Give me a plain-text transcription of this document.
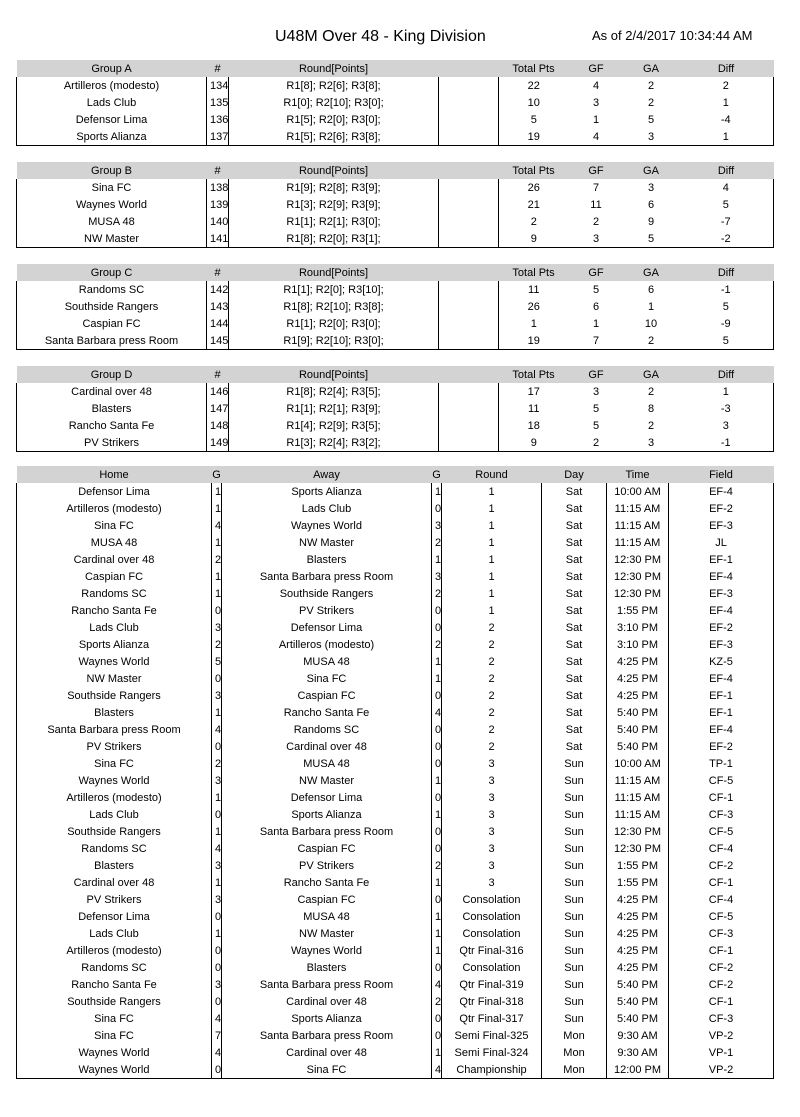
U48M Over 48 - King Division	As of 2/4/2017 10:34:44 AM
Group A	#	Round[Points]		Total Pts	GF	GA	Diff
Artilleros (modesto)	134	R1[8]; R2[6]; R3[8];		22	4	2	2
Lads Club	135	R1[0]; R2[10]; R3[0];		10	3	2	1
Defensor Lima	136	R1[5]; R2[0]; R3[0];		5	1	5	-4
Sports Alianza	137	R1[5]; R2[6]; R3[8];		19	4	3	1
Group B	#	Round[Points]		Total Pts	GF	GA	Diff
Sina FC	138	R1[9]; R2[8]; R3[9];		26	7	3	4
Waynes World	139	R1[3]; R2[9]; R3[9];		21	11	6	5
MUSA 48	140	R1[1]; R2[1]; R3[0];		2	2	9	-7
NW Master	141	R1[8]; R2[0]; R3[1];		9	3	5	-2
Group C	#	Round[Points]		Total Pts	GF	GA	Diff
Randoms SC	142	R1[1]; R2[0]; R3[10];		11	5	6	-1
Southside Rangers	143	R1[8]; R2[10]; R3[8];		26	6	1	5
Caspian FC	144	R1[1]; R2[0]; R3[0];		1	1	10	-9
Santa Barbara press Room	145	R1[9]; R2[10]; R3[0];		19	7	2	5
Group D	#	Round[Points]		Total Pts	GF	GA	Diff
Cardinal over 48	146	R1[8]; R2[4]; R3[5];		17	3	2	1
Blasters	147	R1[1]; R2[1]; R3[9];		11	5	8	-3
Rancho Santa Fe	148	R1[4]; R2[9]; R3[5];		18	5	2	3
PV Strikers	149	R1[3]; R2[4]; R3[2];		9	2	3	-1
Home	G	Away	G	Round	Day	Time	Field
Defensor Lima	1	Sports Alianza	1	1	Sat	10:00 AM	EF-4
Artilleros (modesto)	1	Lads Club	0	1	Sat	11:15 AM	EF-2
Sina FC	4	Waynes World	3	1	Sat	11:15 AM	EF-3
MUSA 48	1	NW Master	2	1	Sat	11:15 AM	JL
Cardinal over 48	2	Blasters	1	1	Sat	12:30 PM	EF-1
Caspian FC	1	Santa Barbara press Room	3	1	Sat	12:30 PM	EF-4
Randoms SC	1	Southside Rangers	2	1	Sat	12:30 PM	EF-3
Rancho Santa Fe	0	PV Strikers	0	1	Sat	1:55 PM	EF-4
Lads Club	3	Defensor Lima	0	2	Sat	3:10 PM	EF-2
Sports Alianza	2	Artilleros (modesto)	2	2	Sat	3:10 PM	EF-3
Waynes World	5	MUSA 48	1	2	Sat	4:25 PM	KZ-5
NW Master	0	Sina FC	1	2	Sat	4:25 PM	EF-4
Southside Rangers	3	Caspian FC	0	2	Sat	4:25 PM	EF-1
Blasters	1	Rancho Santa Fe	4	2	Sat	5:40 PM	EF-1
Santa Barbara press Room	4	Randoms SC	0	2	Sat	5:40 PM	EF-4
PV Strikers	0	Cardinal over 48	0	2	Sat	5:40 PM	EF-2
Sina FC	2	MUSA 48	0	3	Sun	10:00 AM	TP-1
Waynes World	3	NW Master	1	3	Sun	11:15 AM	CF-5
Artilleros (modesto)	1	Defensor Lima	0	3	Sun	11:15 AM	CF-1
Lads Club	0	Sports Alianza	1	3	Sun	11:15 AM	CF-3
Southside Rangers	1	Santa Barbara press Room	0	3	Sun	12:30 PM	CF-5
Randoms SC	4	Caspian FC	0	3	Sun	12:30 PM	CF-4
Blasters	3	PV Strikers	2	3	Sun	1:55 PM	CF-2
Cardinal over 48	1	Rancho Santa Fe	1	3	Sun	1:55 PM	CF-1
PV Strikers	3	Caspian FC	0	Consolation	Sun	4:25 PM	CF-4
Defensor Lima	0	MUSA 48	1	Consolation	Sun	4:25 PM	CF-5
Lads Club	1	NW Master	1	Consolation	Sun	4:25 PM	CF-3
Artilleros (modesto)	0	Waynes World	1	Qtr Final-316	Sun	4:25 PM	CF-1
Randoms SC	0	Blasters	0	Consolation	Sun	4:25 PM	CF-2
Rancho Santa Fe	3	Santa Barbara press Room	4	Qtr Final-319	Sun	5:40 PM	CF-2
Southside Rangers	0	Cardinal over 48	2	Qtr Final-318	Sun	5:40 PM	CF-1
Sina FC	4	Sports Alianza	0	Qtr Final-317	Sun	5:40 PM	CF-3
Sina FC	7	Santa Barbara press Room	0	Semi Final-325	Mon	9:30 AM	VP-2
Waynes World	4	Cardinal over 48	1	Semi Final-324	Mon	9:30 AM	VP-1
Waynes World	0	Sina FC	4	Championship	Mon	12:00 PM	VP-2
